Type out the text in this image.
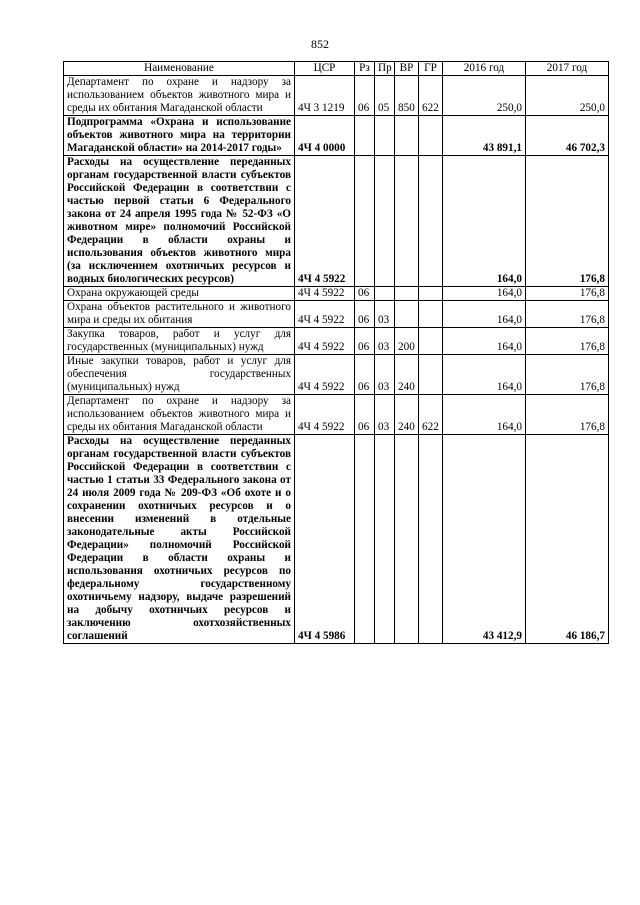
852
Наименование	ЦСР	Рз	Пр	ВР	ГР	2016 год	2017 год
Департамент по охране и надзору за использованием объектов животного мира и среды их обитания Магаданской области	4Ч 3 1219	06	05	850	622	250,0	250,0
Подпрограмма «Охрана и использование объектов животного мира на территории Магаданской области» на 2014-2017 годы»	4Ч 4 0000					43 891,1	46 702,3
Расходы на осуществление переданных органам государственной власти субъектов Российской Федерации в соответствии с частью первой статьи 6 Федерального закона от 24 апреля 1995 года № 52-ФЗ «О животном мире» полномочий Российской Федерации в области охраны и использования объектов животного мира (за исключением охотничьих ресурсов и водных биологических ресурсов)	4Ч 4 5922					164,0	176,8
Охрана окружающей среды	4Ч 4 5922	06				164,0	176,8
Охрана объектов растительного и животного мира и среды их обитания	4Ч 4 5922	06	03			164,0	176,8
Закупка товаров, работ и услуг для государственных (муниципальных) нужд	4Ч 4 5922	06	03	200		164,0	176,8
Иные закупки товаров, работ и услуг для обеспечения государственных (муниципальных) нужд	4Ч 4 5922	06	03	240		164,0	176,8
Департамент по охране и надзору за использованием объектов животного мира и среды их обитания Магаданской области	4Ч 4 5922	06	03	240	622	164,0	176,8
Расходы на осуществление переданных органам государственной власти субъектов Российской Федерации в соответствии с частью 1 статьи 33 Федерального закона от 24 июля 2009 года № 209-ФЗ «Об охоте и о сохранении охотничьих ресурсов и о внесении изменений в отдельные законодательные акты Российской Федерации» полномочий Российской Федерации в области охраны и использования охотничьих ресурсов по федеральному государственному охотничьему надзору, выдаче разрешений на добычу охотничьих ресурсов и заключению охотхозяйственных соглашений	4Ч 4 5986					43 412,9	46 186,7
